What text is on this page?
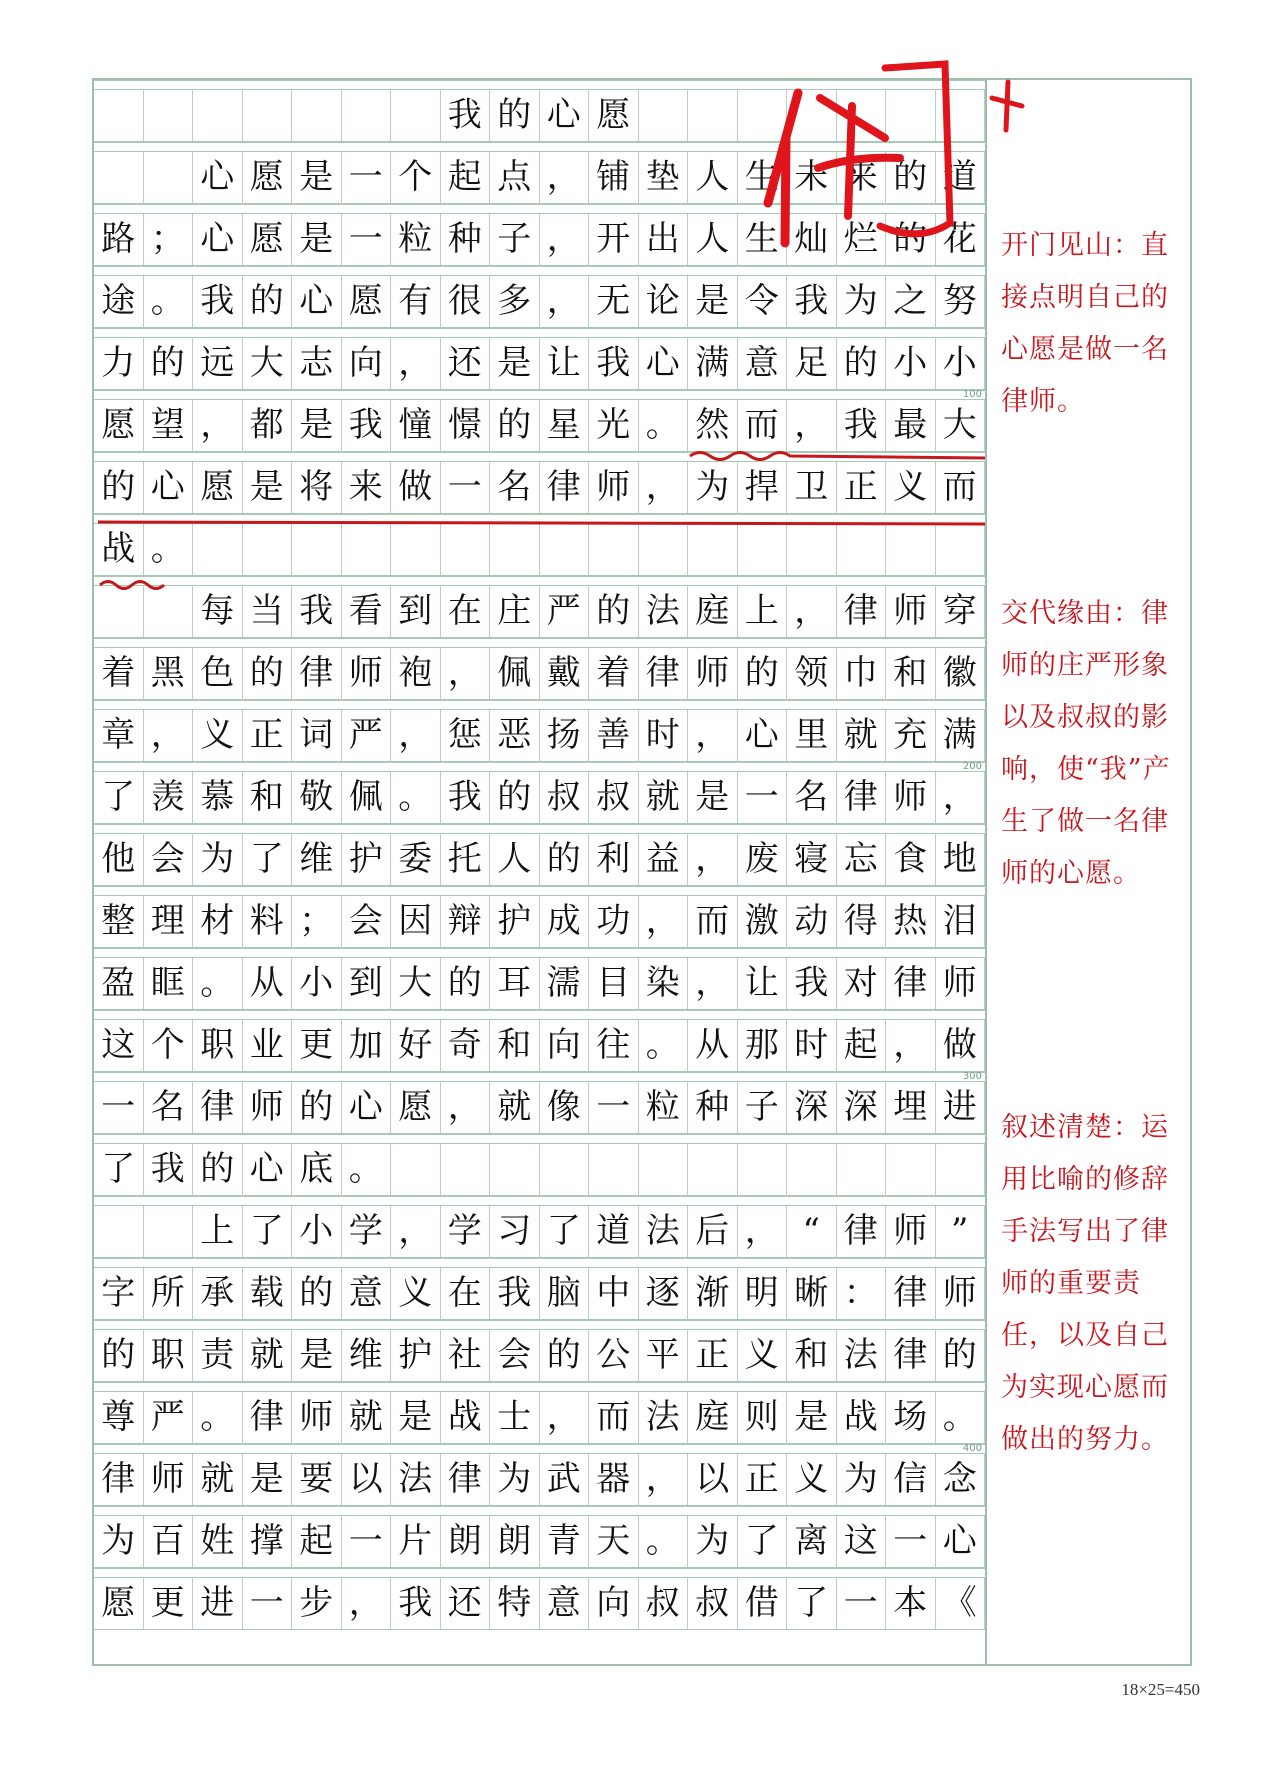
我 的 心 愿
心 愿 是 一 个 起 点 ， 铺 垫 人 生 未 来 的 道
路 ； 心 愿 是 一 粒 种 子 ， 开 出 人 生 灿 烂 的 花
途 。 我 的 心 愿 有 很 多 ， 无 论 是 令 我 为 之 努
力 的 远 大 志 向 ， 还 是 让 我 心 满 意 足 的 小 小
100
愿 望 ， 都 是 我 憧 憬 的 星 光 。 然 而 ， 我 最 大
的 心 愿 是 将 来 做 一 名 律 师 ， 为 捍 卫 正 义 而
战 。
每 当 我 看 到 在 庄 严 的 法 庭 上 ， 律 师 穿
着 黑 色 的 律 师 袍 ， 佩 戴 着 律 师 的 领 巾 和 徽
章 ， 义 正 词 严 ， 惩 恶 扬 善 时 ， 心 里 就 充 满
200
了 羡 慕 和 敬 佩 。 我 的 叔 叔 就 是 一 名 律 师 ，
他 会 为 了 维 护 委 托 人 的 利 益 ， 废 寝 忘 食 地
整 理 材 料 ； 会 因 辩 护 成 功 ， 而 激 动 得 热 泪
盈 眶 。 从 小 到 大 的 耳 濡 目 染 ， 让 我 对 律 师
这 个 职 业 更 加 好 奇 和 向 往 。 从 那 时 起 ， 做
300
一 名 律 师 的 心 愿 ， 就 像 一 粒 种 子 深 深 埋 进
了 我 的 心 底 。
上 了 小 学 ， 学 习 了 道 法 后 ， “ 律 师 ”
字 所 承 载 的 意 义 在 我 脑 中 逐 渐 明 晰 ： 律 师
的 职 责 就 是 维 护 社 会 的 公 平 正 义 和 法 律 的
尊 严 。 律 师 就 是 战 士 ， 而 法 庭 则 是 战 场 。
400
律 师 就 是 要 以 法 律 为 武 器 ， 以 正 义 为 信 念
为 百 姓 撑 起 一 片 朗 朗 青 天 。 为 了 离 这 一 心
愿 更 进 一 步 ， 我 还 特 意 向 叔 叔 借 了 一 本 《
开门见山：直接点明自己的心愿是做一名律师。
交代缘由：律师的庄严形象以及叔叔的影响，使“我”产生了做一名律师的心愿。
叙述清楚：运用比喻的修辞手法写出了律师的重要责任，以及自己为实现心愿而做出的努力。
优+
18×25=450
